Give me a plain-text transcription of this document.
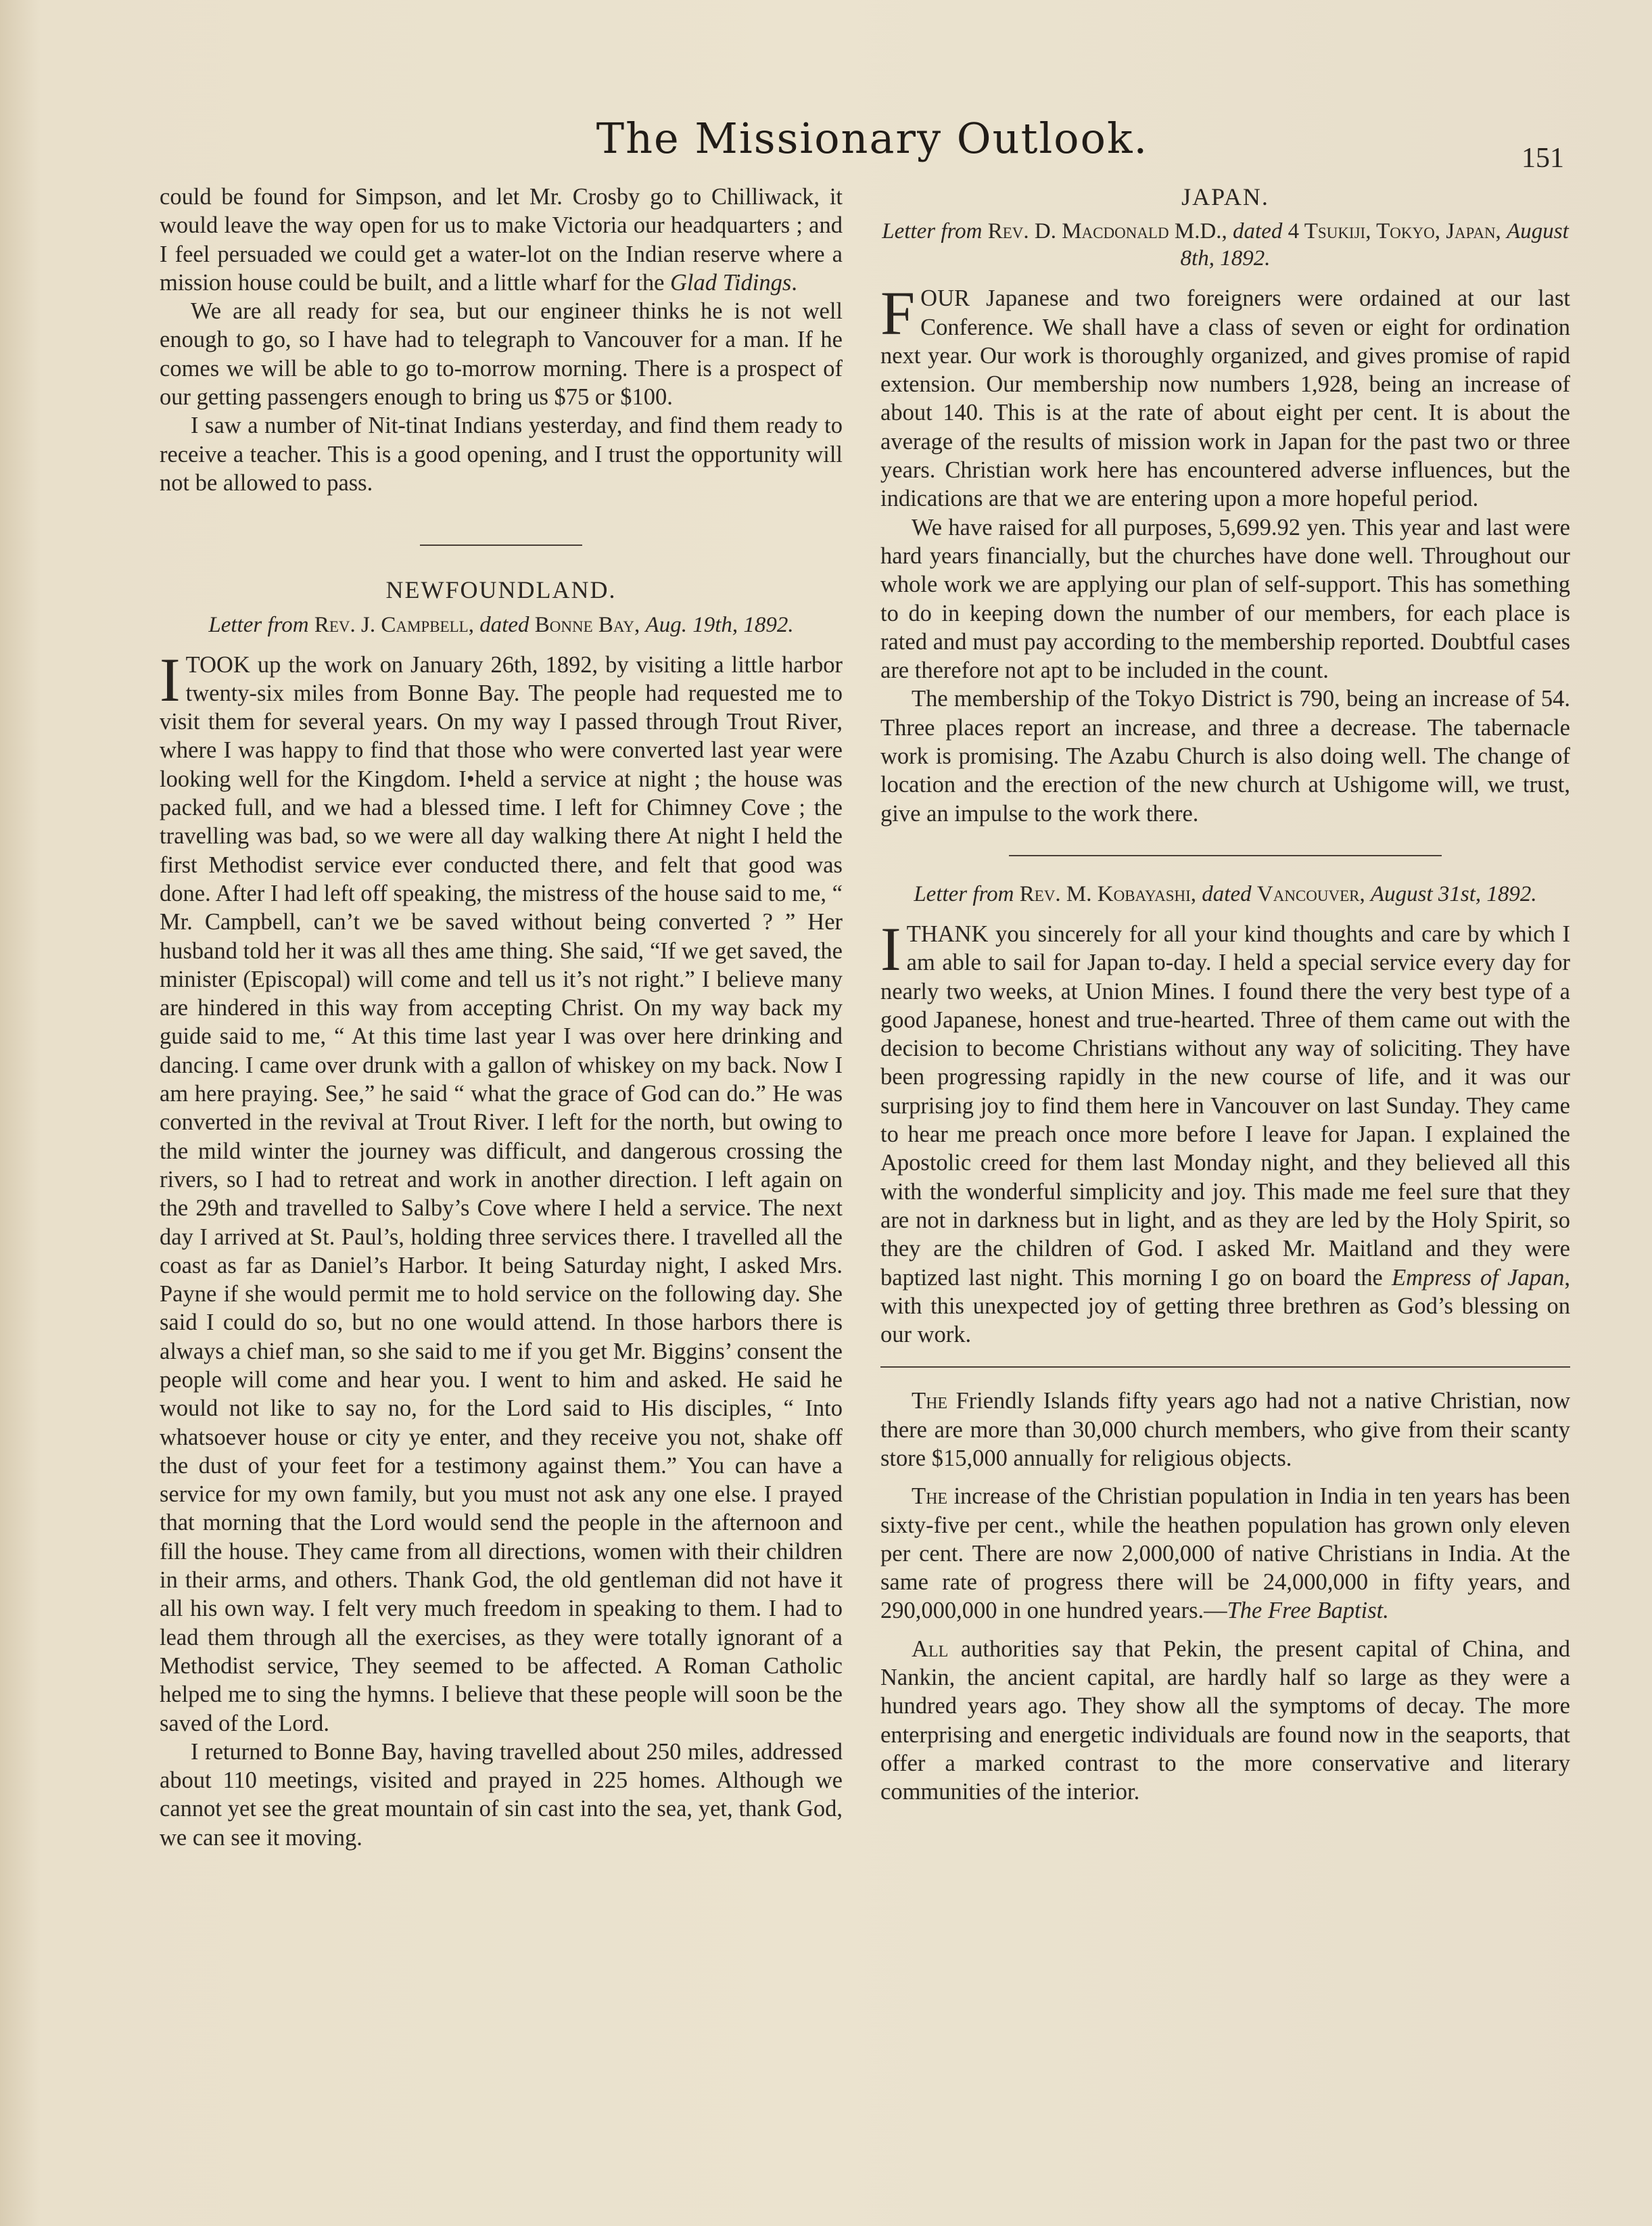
The Missionary Outlook.	151

could be found for Simpson, and let Mr. Crosby go to Chilliwack, it would leave the way open for us to make Victoria our headquarters ; and I feel persuaded we could get a water-lot on the Indian reserve where a mission house could be built, and a little wharf for the Glad Tidings.

We are all ready for sea, but our engineer thinks he is not well enough to go, so I have had to telegraph to Vancouver for a man. If he comes we will be able to go to-morrow morning. There is a prospect of our getting passengers enough to bring us $75 or $100.

I saw a number of Nit-tinat Indians yesterday, and find them ready to receive a teacher. This is a good opening, and I trust the opportunity will not be allowed to pass.

NEWFOUNDLAND.
Letter from Rev. J. Campbell, dated Bonne Bay, Aug. 19th, 1892.

ITOOK up the work on January 26th, 1892, by visiting a little harbor twenty-six miles from Bonne Bay. The people had requested me to visit them for several years. On my way I passed through Trout River, where I was happy to find that those who were converted last year were looking well for the Kingdom. I•held a service at night ; the house was packed full, and we had a blessed time. I left for Chimney Cove ; the travelling was bad, so we were all day walking there At night I held the first Methodist service ever conducted there, and felt that good was done. After I had left off speaking, the mistress of the house said to me, “ Mr. Campbell, can’t we be saved without being converted ? ” Her husband told her it was all thes ame thing. She said, “If we get saved, the minister (Episcopal) will come and tell us it’s not right.” I believe many are hindered in this way from accepting Christ. On my way back my guide said to me, “ At this time last year I was over here drinking and dancing. I came over drunk with a gallon of whiskey on my back. Now I am here praying. See,” he said “ what the grace of God can do.” He was converted in the revival at Trout River. I left for the north, but owing to the mild winter the journey was difficult, and dangerous crossing the rivers, so I had to retreat and work in another direction. I left again on the 29th and travelled to Salby’s Cove where I held a service. The next day I arrived at St. Paul’s, holding three services there. I travelled all the coast as far as Daniel’s Harbor. It being Saturday night, I asked Mrs. Payne if she would permit me to hold service on the following day. She said I could do so, but no one would attend. In those harbors there is always a chief man, so she said to me if you get Mr. Biggins’ consent the people will come and hear you. I went to him and asked. He said he would not like to say no, for the Lord said to His disciples, “ Into whatsoever house or city ye enter, and they receive you not, shake off the dust of your feet for a testimony against them.” You can have a service for my own family, but you must not ask any one else. I prayed that morning that the Lord would send the people in the afternoon and fill the house. They came from all directions, women with their children in their arms, and others. Thank God, the old gentleman did not have it all his own way. I felt very much freedom in speaking to them. I had to lead them through all the exercises, as they were totally ignorant of a Methodist service, They seemed to be affected. A Roman Catholic helped me to sing the hymns. I believe that these people will soon be the saved of the Lord.

I returned to Bonne Bay, having travelled about 250 miles, addressed about 110 meetings, visited and prayed in 225 homes. Although we cannot yet see the great mountain of sin cast into the sea, yet, thank God, we can see it moving.

JAPAN.
Letter from Rev. D. Macdonald M.D., dated 4 Tsukiji, Tokyo, Japan, August 8th, 1892.

FOUR Japanese and two foreigners were ordained at our last Conference. We shall have a class of seven or eight for ordination next year. Our work is thoroughly organized, and gives promise of rapid extension. Our membership now numbers 1,928, being an increase of about 140. This is at the rate of about eight per cent. It is about the average of the results of mission work in Japan for the past two or three years. Christian work here has encountered adverse influences, but the indications are that we are entering upon a more hopeful period.

We have raised for all purposes, 5,699.92 yen. This year and last were hard years financially, but the churches have done well. Throughout our whole work we are applying our plan of self-support. This has something to do in keeping down the number of our members, for each place is rated and must pay according to the membership reported. Doubtful cases are therefore not apt to be included in the count.

The membership of the Tokyo District is 790, being an increase of 54. Three places report an increase, and three a decrease. The tabernacle work is promising. The Azabu Church is also doing well. The change of location and the erection of the new church at Ushigome will, we trust, give an impulse to the work there.

Letter from Rev. M. Kobayashi, dated Vancouver, August 31st, 1892.

ITHANK you sincerely for all your kind thoughts and care by which I am able to sail for Japan to-day. I held a special service every day for nearly two weeks, at Union Mines. I found there the very best type of a good Japanese, honest and true-hearted. Three of them came out with the decision to become Christians without any way of soliciting. They have been progressing rapidly in the new course of life, and it was our surprising joy to find them here in Vancouver on last Sunday. They came to hear me preach once more before I leave for Japan. I explained the Apostolic creed for them last Monday night, and they believed all this with the wonderful simplicity and joy. This made me feel sure that they are not in darkness but in light, and as they are led by the Holy Spirit, so they are the children of God. I asked Mr. Maitland and they were baptized last night. This morning I go on board the Empress of Japan, with this unexpected joy of getting three brethren as God’s blessing on our work.

The Friendly Islands fifty years ago had not a native Christian, now there are more than 30,000 church members, who give from their scanty store $15,000 annually for religious objects.

The increase of the Christian population in India in ten years has been sixty-five per cent., while the heathen population has grown only eleven per cent. There are now 2,000,000 of native Christians in India. At the same rate of progress there will be 24,000,000 in fifty years, and 290,000,000 in one hundred years.—The Free Baptist.

All authorities say that Pekin, the present capital of China, and Nankin, the ancient capital, are hardly half so large as they were a hundred years ago. They show all the symptoms of decay. The more enterprising and energetic individuals are found now in the seaports, that offer a marked contrast to the more conservative and literary communities of the interior.
